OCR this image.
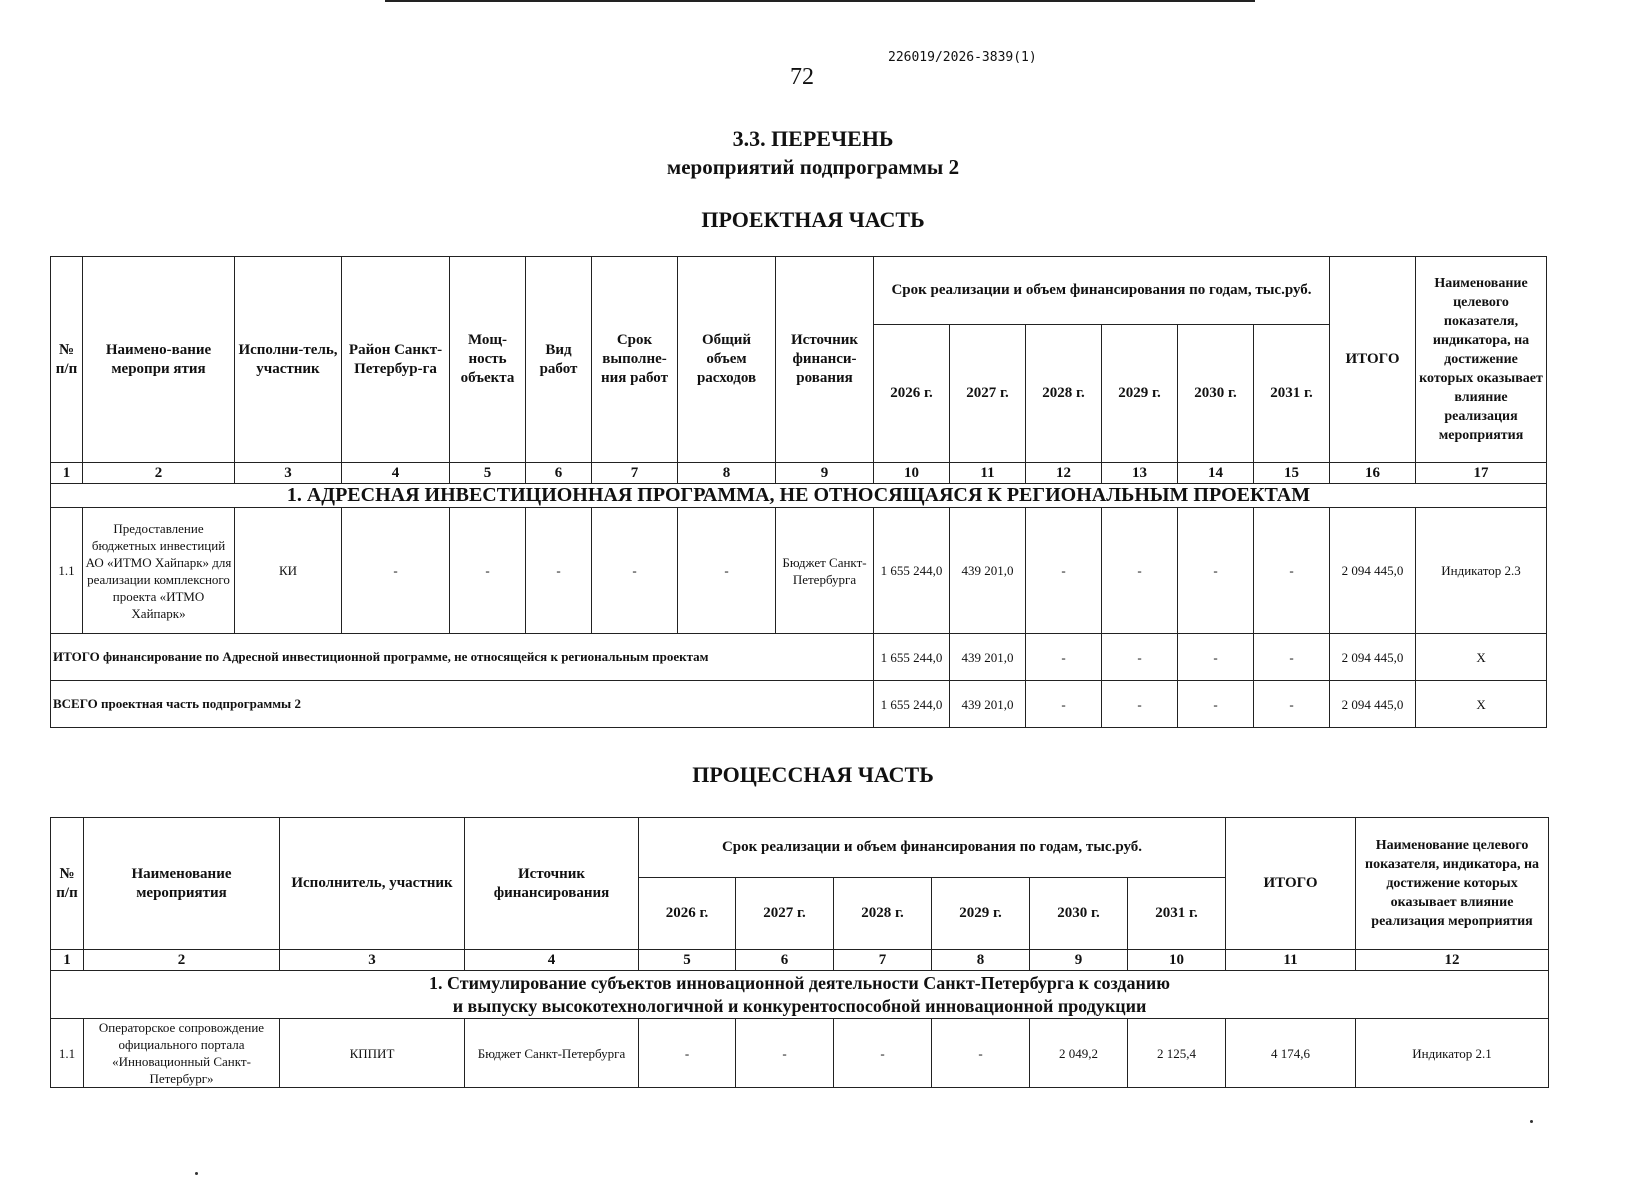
72
226019/2026-3839(1)
3.3. ПЕРЕЧЕНЬ
мероприятий подпрограммы 2
ПРОЕКТНАЯ ЧАСТЬ
№ п/п	Наимено-вание меропри ятия	Исполни-тель, участник	Район Санкт-Петербур-га	Мощ-ность объекта	Вид работ	Срок выполне-ния работ	Общий объем расходов	Источник финанси-рования	Срок реализации и объем финансирования по годам, тыс.руб.						ИТОГО	Наименование целевого показателя, индикатора, на достижение которых оказывает влияние реализация мероприятия
									2026 г.	2027 г.	2028 г.	2029 г.	2030 г.	2031 г.		
1	2	3	4	5	6	7	8	9	10	11	12	13	14	15	16	17
1. АДРЕСНАЯ ИНВЕСТИЦИОННАЯ ПРОГРАММА, НЕ ОТНОСЯЩАЯСЯ К РЕГИОНАЛЬНЫМ ПРОЕКТАМ																
1.1	Предоставление бюджетных инвестиций АО «ИТМО Хайпарк» для реализации комплексного проекта «ИТМО Хайпарк»	КИ	-	-	-	-	-	Бюджет Санкт-Петербурга	1 655 244,0	439 201,0	-	-	-	-	2 094 445,0	Индикатор 2.3
ИТОГО финансирование по Адресной инвестиционной программе, не относящейся к региональным проектам									1 655 244,0	439 201,0	-	-	-	-	2 094 445,0	Х
ВСЕГО проектная часть подпрограммы 2									1 655 244,0	439 201,0	-	-	-	-	2 094 445,0	Х
ПРОЦЕССНАЯ ЧАСТЬ
№ п/п	Наименование мероприятия	Исполнитель, участник	Источник финансирования	Срок реализации и объем финансирования по годам, тыс.руб.						ИТОГО	Наименование целевого показателя, индикатора, на достижение которых оказывает влияние реализация мероприятия
				2026 г.	2027 г.	2028 г.	2029 г.	2030 г.	2031 г.		
1	2	3	4	5	6	7	8	9	10	11	12

1. Стимулирование субъектов инновационной деятельности Санкт-Петербурга к созданию
и выпуску высокотехнологичной и конкурентоспособной инновационной продукции											

1.1	Операторское сопровождение официального портала «Инновационный Санкт-Петербург»	КППИТ	Бюджет Санкт-Петербурга	-	-	-	-	2 049,2	2 125,4	4 174,6	Индикатор 2.1
